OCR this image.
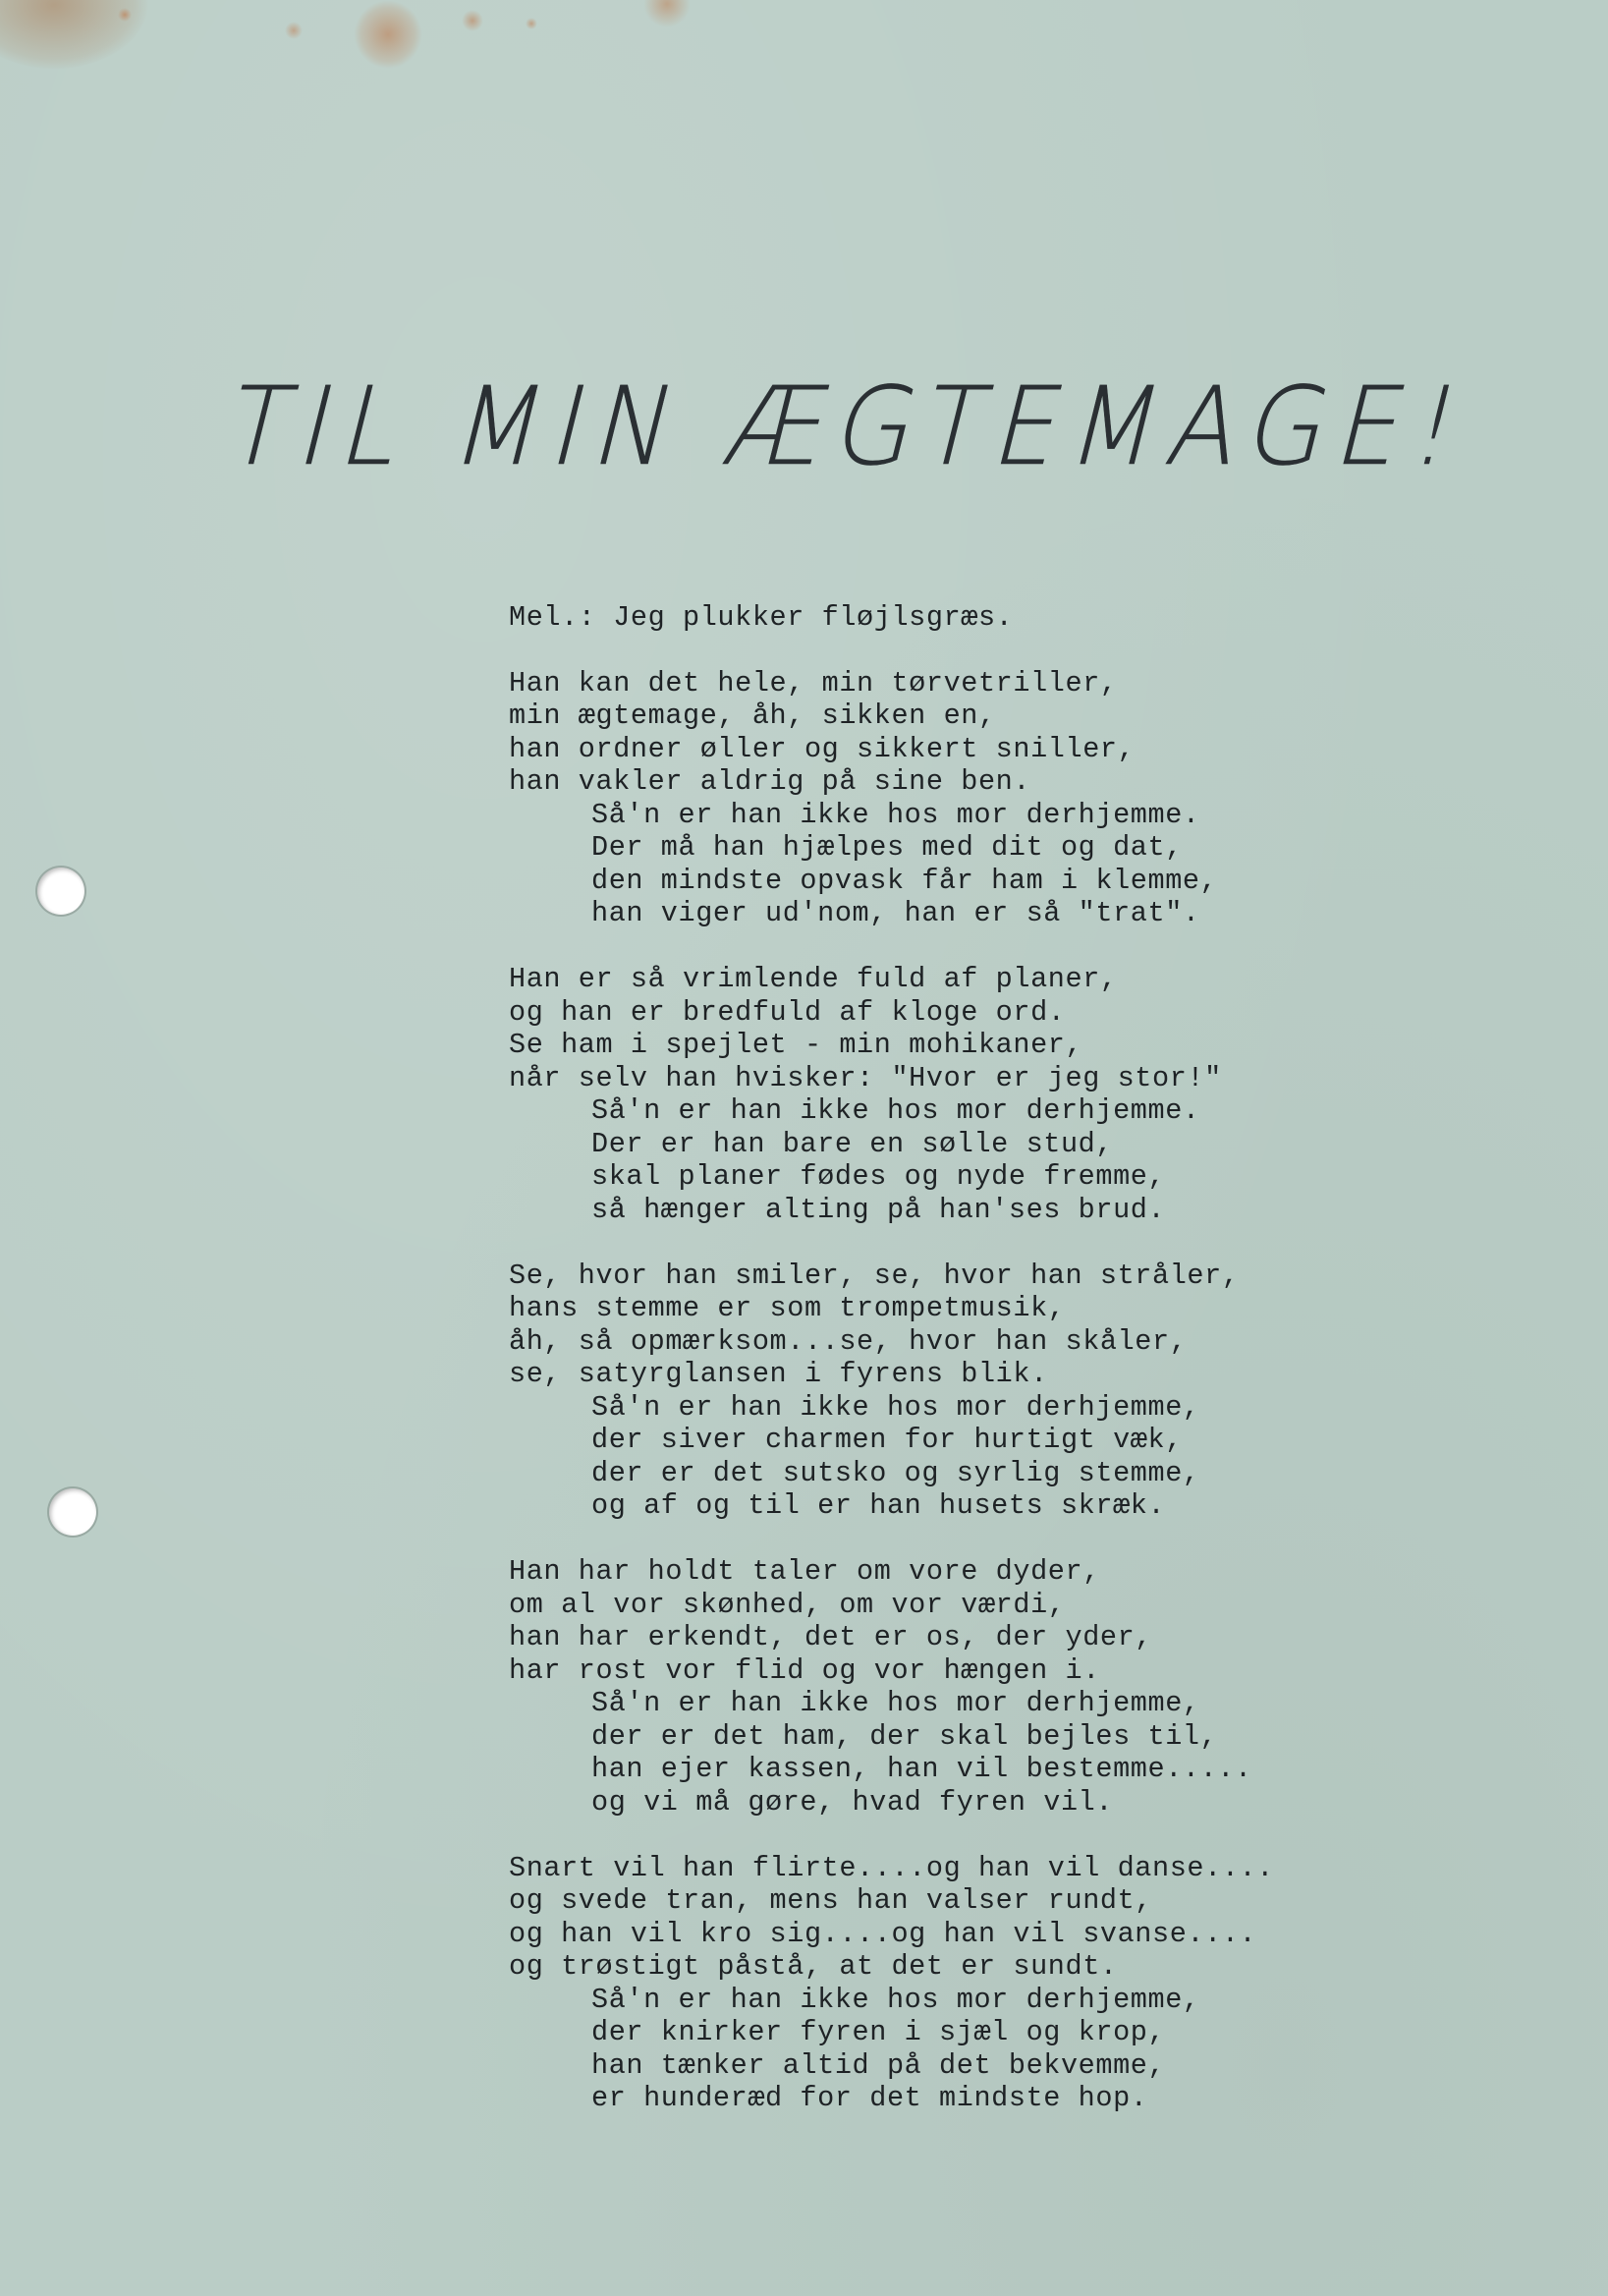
TIL MIN ÆGTEMAGE!
Mel.: Jeg plukker fløjlsgræs.
Han kan det hele, min tørvetriller,
min ægtemage, åh, sikken en,
han ordner øller og sikkert sniller,
han vakler aldrig på sine ben.
Så'n er han ikke hos mor derhjemme.
Der må han hjælpes med dit og dat,
den mindste opvask får ham i klemme,
han viger ud'nom, han er så "trat".
Han er så vrimlende fuld af planer,
og han er bredfuld af kloge ord.
Se ham i spejlet - min mohikaner,
når selv han hvisker: "Hvor er jeg stor!"
Så'n er han ikke hos mor derhjemme.
Der er han bare en sølle stud,
skal planer fødes og nyde fremme,
så hænger alting på han'ses brud.
Se, hvor han smiler, se, hvor han stråler,
hans stemme er som trompetmusik,
åh, så opmærksom...se, hvor han skåler,
se, satyrglansen i fyrens blik.
Så'n er han ikke hos mor derhjemme,
der siver charmen for hurtigt væk,
der er det sutsko og syrlig stemme,
og af og til er han husets skræk.
Han har holdt taler om vore dyder,
om al vor skønhed, om vor værdi,
han har erkendt, det er os, der yder,
har rost vor flid og vor hængen i.
Så'n er han ikke hos mor derhjemme,
der er det ham, der skal bejles til,
han ejer kassen, han vil bestemme.....
og vi må gøre, hvad fyren vil.
Snart vil han flirte....og han vil danse....
og svede tran, mens han valser rundt,
og han vil kro sig....og han vil svanse....
og trøstigt påstå, at det er sundt.
Så'n er han ikke hos mor derhjemme,
der knirker fyren i sjæl og krop,
han tænker altid på det bekvemme,
er hunderæd for det mindste hop.
